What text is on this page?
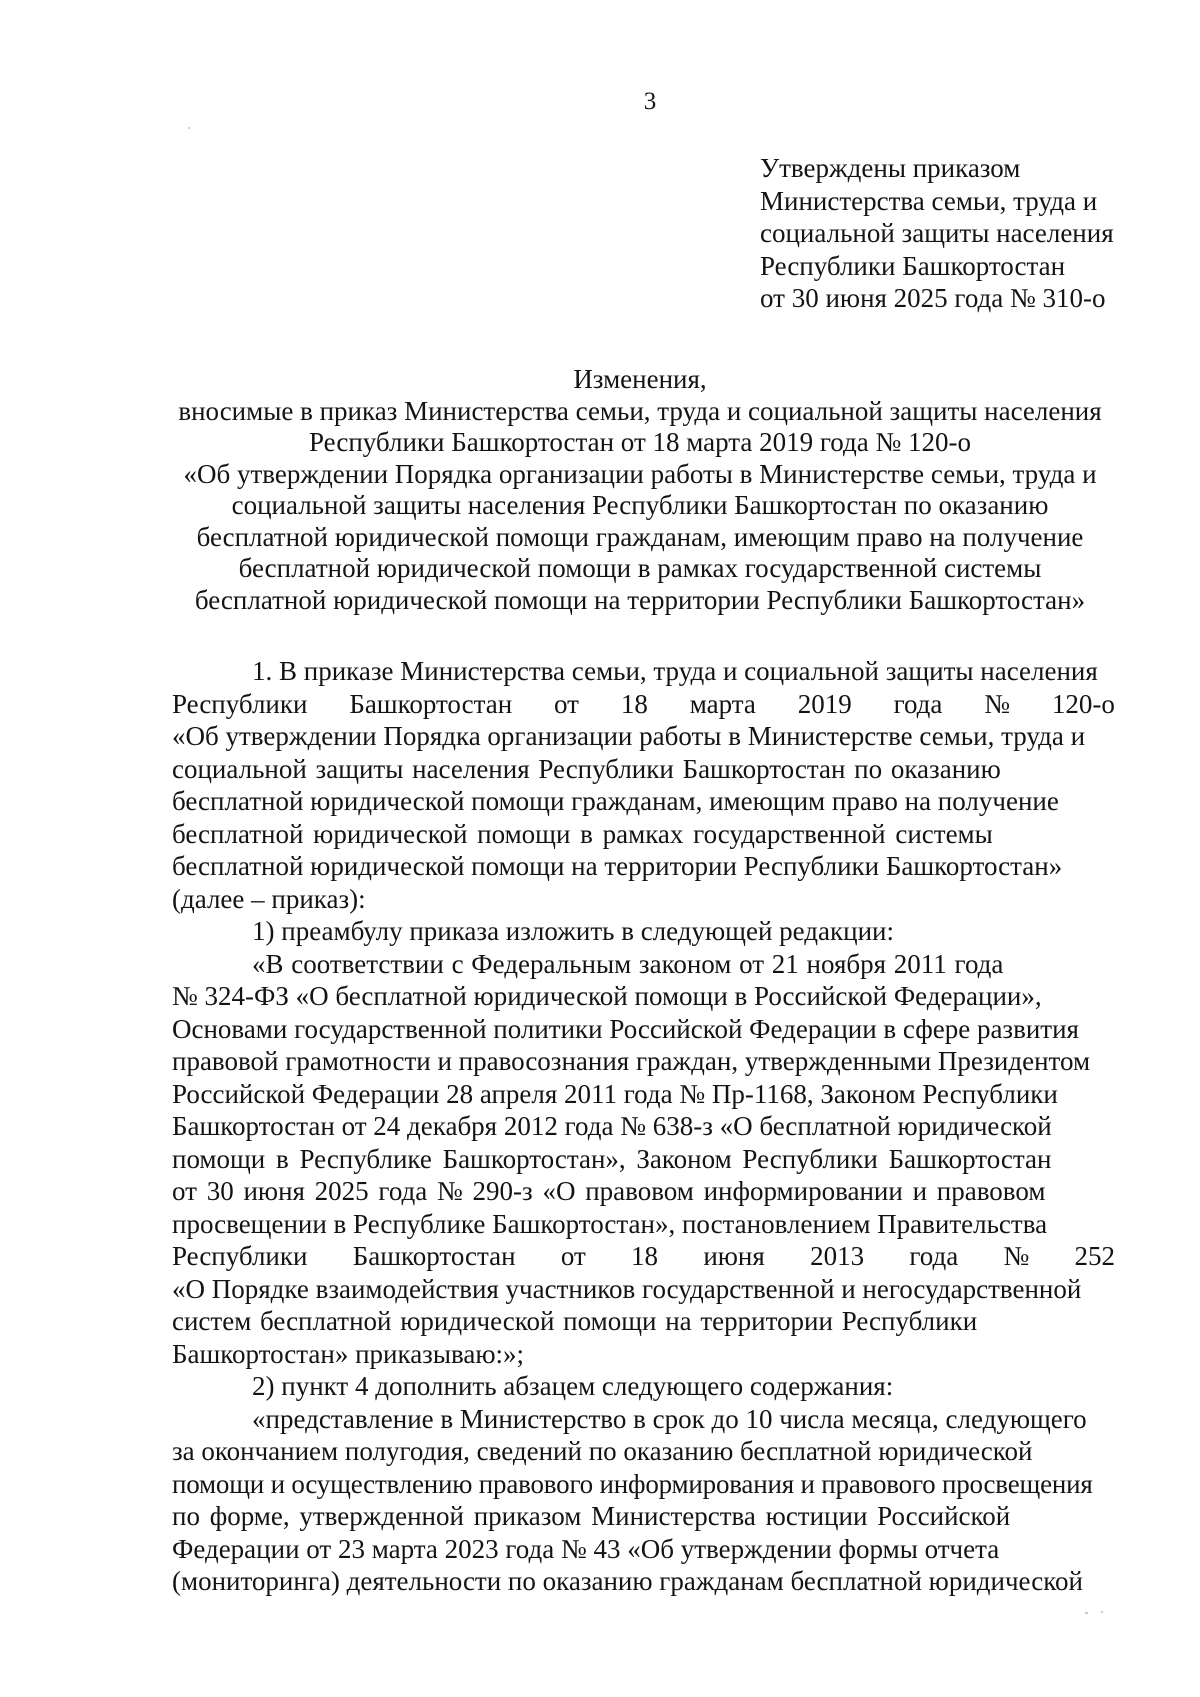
3
Утверждены приказом
Министерства семьи, труда и
социальной защиты населения
Республики Башкортостан
от 30 июня 2025 года № 310-о
Изменения,
вносимые в приказ Министерства семьи, труда и социальной защиты населения
Республики Башкортостан от 18 марта 2019 года № 120-о
«Об утверждении Порядка организации работы в Министерстве семьи, труда и
социальной защиты населения Республики Башкортостан по оказанию
бесплатной юридической помощи гражданам, имеющим право на получение
бесплатной юридической помощи в рамках государственной системы
бесплатной юридической помощи на территории Республики Башкортостан»
1. В приказе Министерства семьи, труда и социальной защиты населения
Республики Башкортостан от 18 марта 2019 года № 120-о
«Об утверждении Порядка организации работы в Министерстве семьи, труда и
социальной защиты населения Республики Башкортостан по оказанию
бесплатной юридической помощи гражданам, имеющим право на получение
бесплатной юридической помощи в рамках государственной системы
бесплатной юридической помощи на территории Республики Башкортостан»
(далее – приказ):
1) преамбулу приказа изложить в следующей редакции:
«В соответствии с Федеральным законом от 21 ноября 2011 года
№ 324-ФЗ «О бесплатной юридической помощи в Российской Федерации»,
Основами государственной политики Российской Федерации в сфере развития
правовой грамотности и правосознания граждан, утвержденными Президентом
Российской Федерации 28 апреля 2011 года № Пр-1168, Законом Республики
Башкортостан от 24 декабря 2012 года № 638-з «О бесплатной юридической
помощи в Республике Башкортостан», Законом Республики Башкортостан
от 30 июня 2025 года № 290-з «О правовом информировании и правовом
просвещении в Республике Башкортостан», постановлением Правительства
Республики Башкортостан от 18 июня 2013 года № 252
«О Порядке взаимодействия участников государственной и негосударственной
систем бесплатной юридической помощи на территории Республики
Башкортостан» приказываю:»;
2) пункт 4 дополнить абзацем следующего содержания:
«представление в Министерство в срок до 10 числа месяца, следующего
за окончанием полугодия, сведений по оказанию бесплатной юридической
помощи и осуществлению правового информирования и правового просвещения
по форме, утвержденной приказом Министерства юстиции Российской
Федерации от 23 марта 2023 года № 43 «Об утверждении формы отчета
(мониторинга) деятельности по оказанию гражданам бесплатной юридической
